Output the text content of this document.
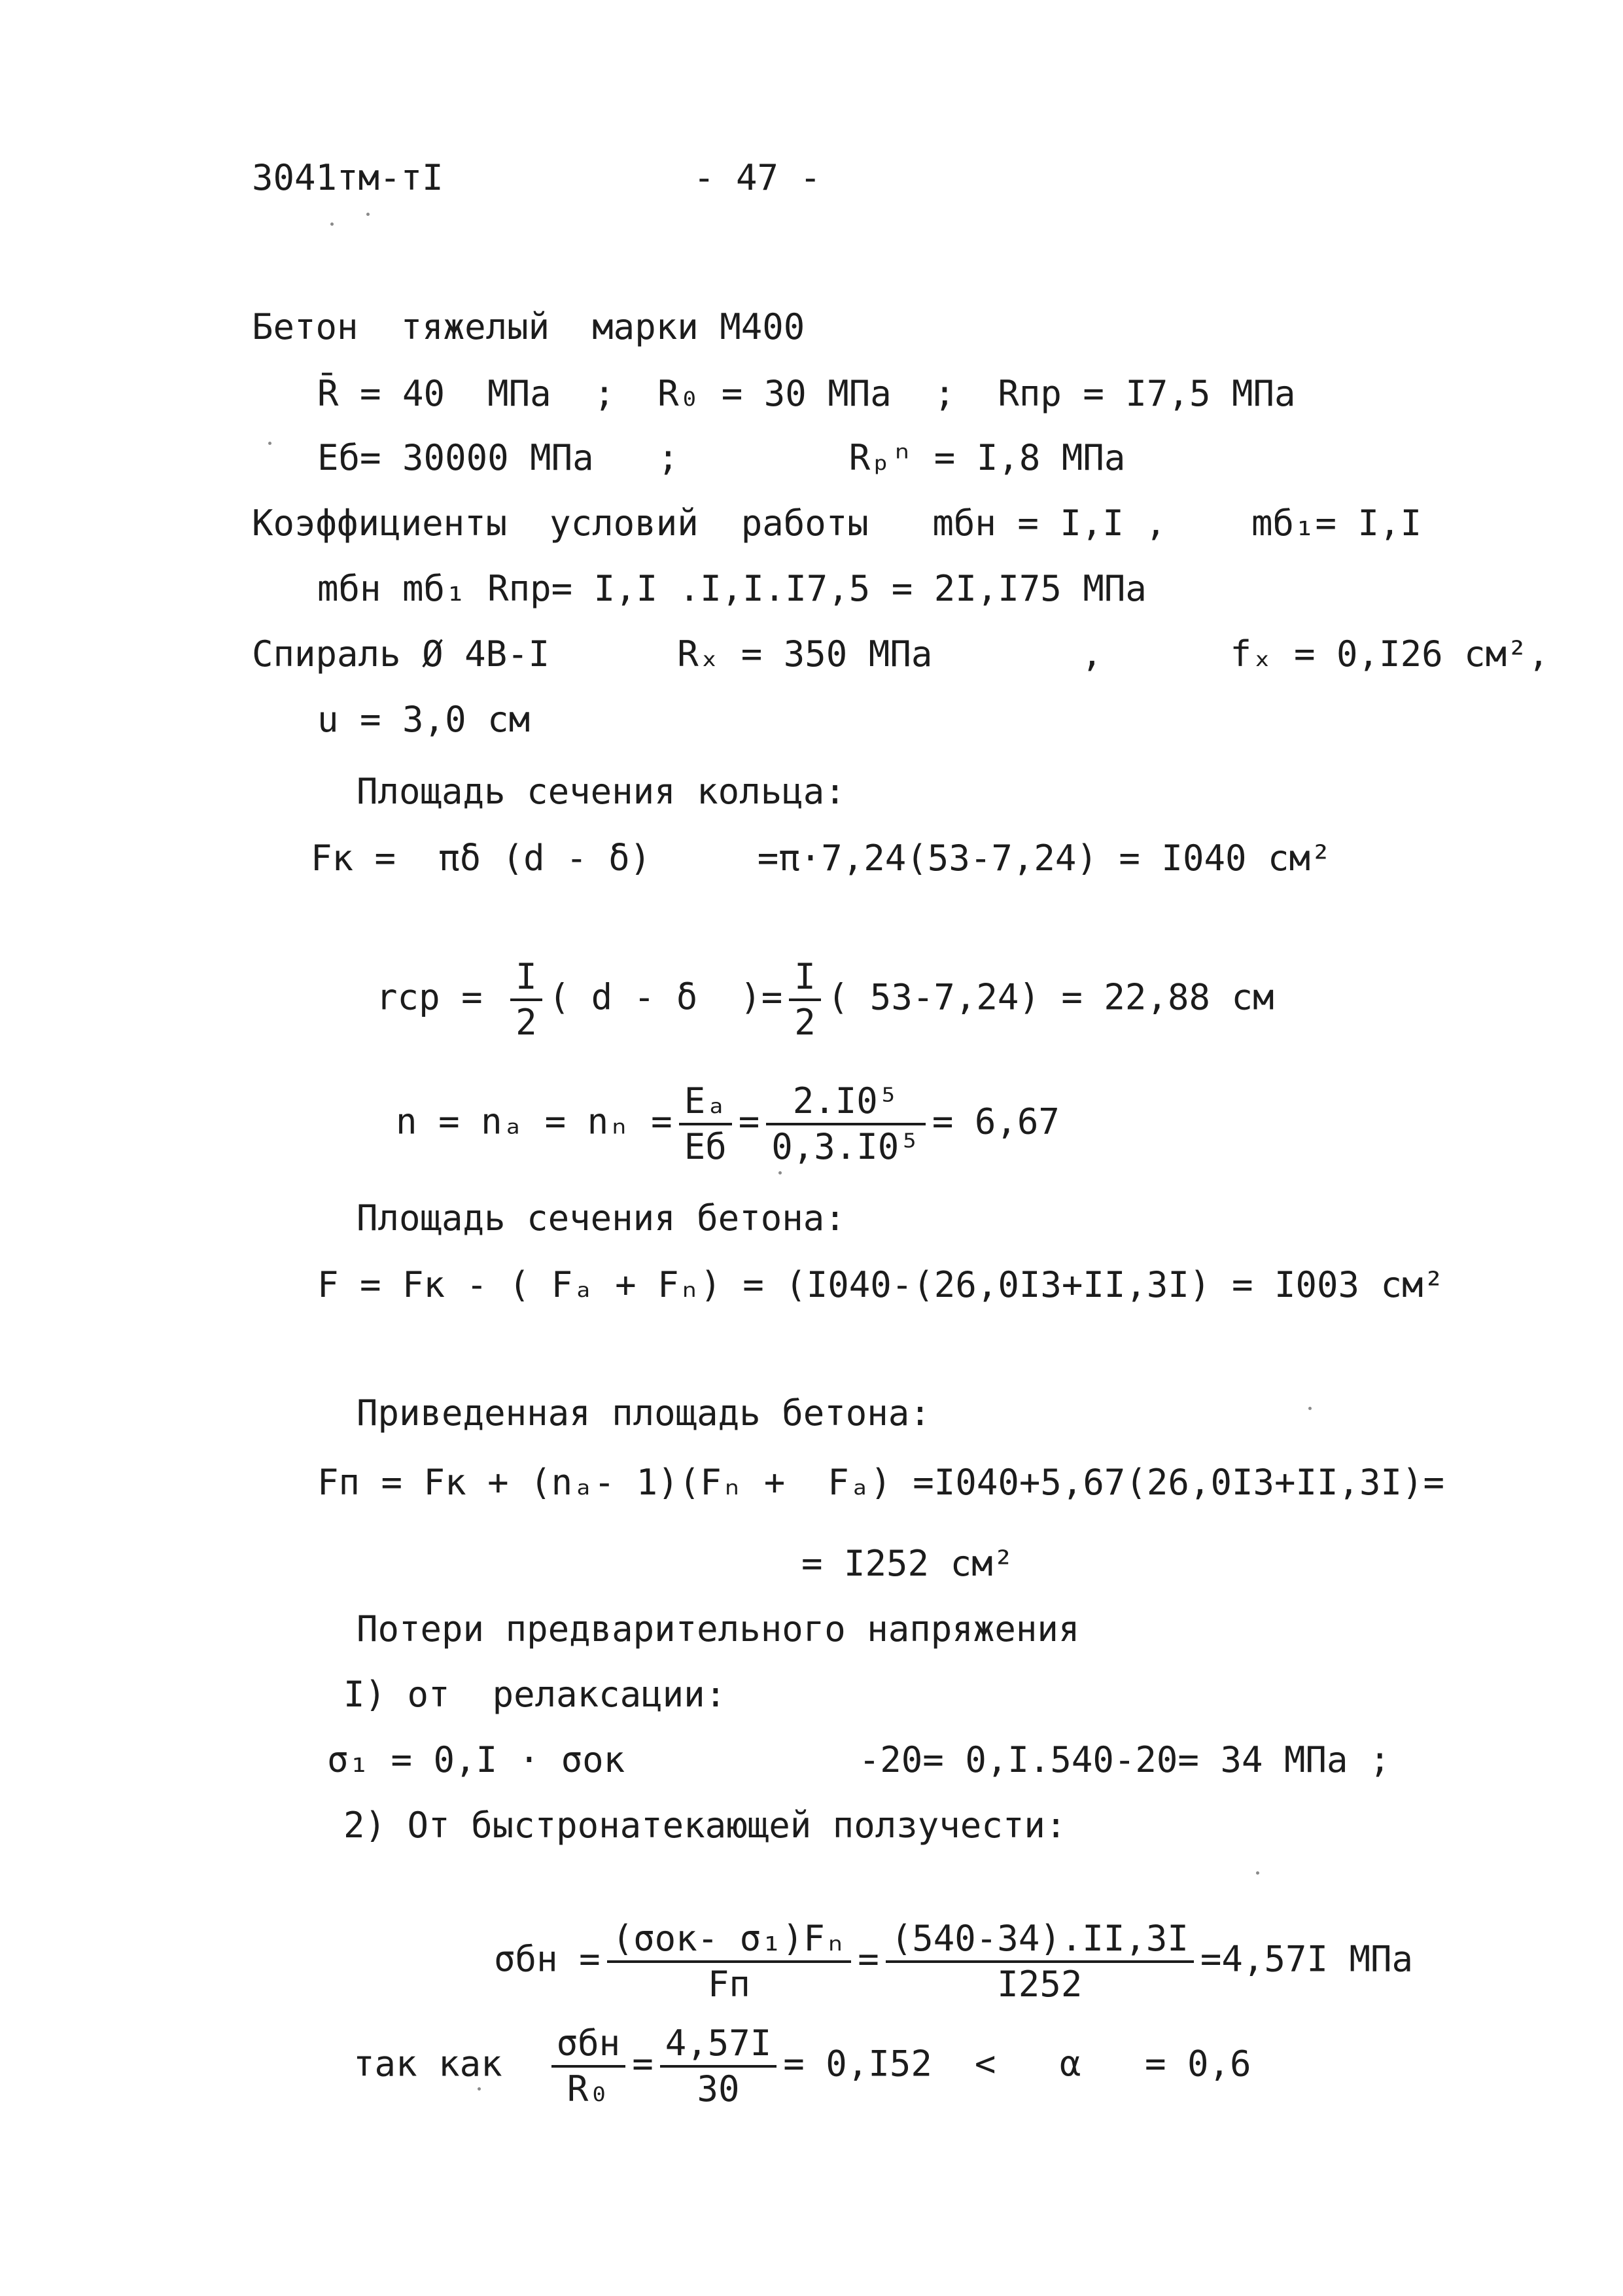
3041тм-тI	- 47 -
Бетон  тяжелый  марки М400
R̄ = 40  МПа  ;  R₀ = 30 МПа  ;  Rпр = I7,5 МПа
Eб= 30000 МПа   ;        Rₚⁿ = I,8 МПа
Коэффициенты  условий  работы   mбн = I,I ,    mб₁= I,I
mбн mб₁ Rпр= I,I .I,I.I7,5 = 2I,I75 МПа
Спираль Ø 4В-I      Rₓ = 350 МПа       ,      fₓ = 0,I26 см²,
u = 3,0 см
Площадь сечения кольца:
Fк =  πδ (d - δ)     =π·7,24(53-7,24) = I040 см²

rср = $\frac{I}{2}$ ( d - δ  )= $\frac{I}{2}$ ( 53-7,24) = 22,88 см

$n = n_a = n_n = \frac{\text{Eₐ}}{Eб} = \frac{\text{2.I0⁵}}{\text{0,3.I0⁵}} = 6,67$

Площадь сечения бетона:
F = Fк - ( Fₐ + Fₙ) = (I040-(26,0I3+II,3I) = I003 см²
Приведенная площадь бетона:
Fп = Fк + (nₐ- 1)(Fₙ +  Fₐ) =I040+5,67(26,0I3+II,3I)=
= I252 см²
Потери предварительного напряжения
I) от  релаксации:
σ₁ = 0,I · σок           -20= 0,I.540-20= 34 МПа ;
2) От быстронатекающей ползучести:

$\sigma бн = \frac{\text{(σок- σ₁)Fₙ}}{Fп} = \frac{(540-34).II,3I}{I252} =4,57I$ МПа

так как $\frac{\text{σбн}}{\text{R₀}} = \frac{4,57I}{30} = 0,I52 < \alpha = 0,6$
